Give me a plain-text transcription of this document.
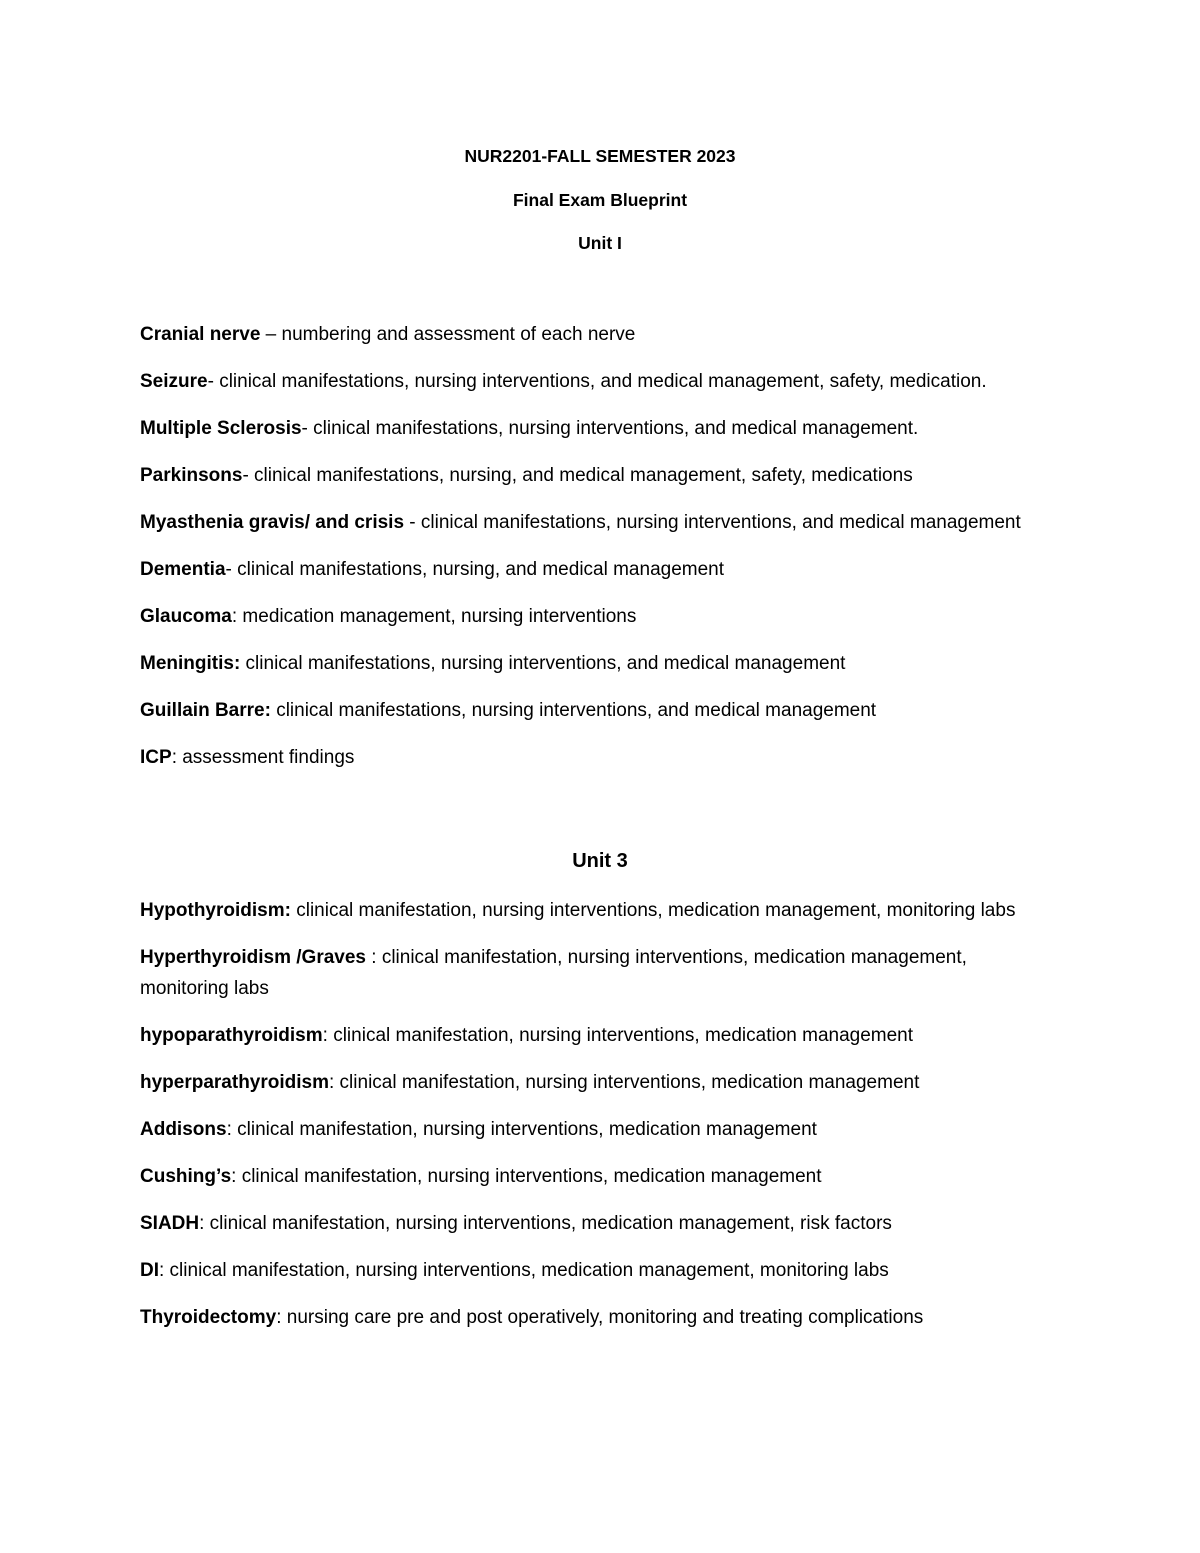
NUR2201-FALL SEMESTER 2023
Final Exam Blueprint
Unit I

Cranial nerve – numbering and assessment of each nerve

Seizure- clinical manifestations, nursing interventions, and medical management, safety, medication.

Multiple Sclerosis- clinical manifestations, nursing interventions, and medical management.

Parkinsons- clinical manifestations, nursing, and medical management, safety, medications

Myasthenia gravis/ and crisis - clinical manifestations, nursing interventions, and medical management

Dementia- clinical manifestations, nursing, and medical management

Glaucoma: medication management, nursing interventions

Meningitis: clinical manifestations, nursing interventions, and medical management

Guillain Barre: clinical manifestations, nursing interventions, and medical management

ICP: assessment findings

Unit 3

Hypothyroidism: clinical manifestation, nursing interventions, medication management, monitoring labs

Hyperthyroidism /Graves : clinical manifestation, nursing interventions, medication management, monitoring labs

hypoparathyroidism: clinical manifestation, nursing interventions, medication management

hyperparathyroidism: clinical manifestation, nursing interventions, medication management

Addisons: clinical manifestation, nursing interventions, medication management

Cushing’s: clinical manifestation, nursing interventions, medication management

SIADH: clinical manifestation, nursing interventions, medication management, risk factors

DI: clinical manifestation, nursing interventions, medication management, monitoring labs

Thyroidectomy: nursing care pre and post operatively, monitoring and treating complications
